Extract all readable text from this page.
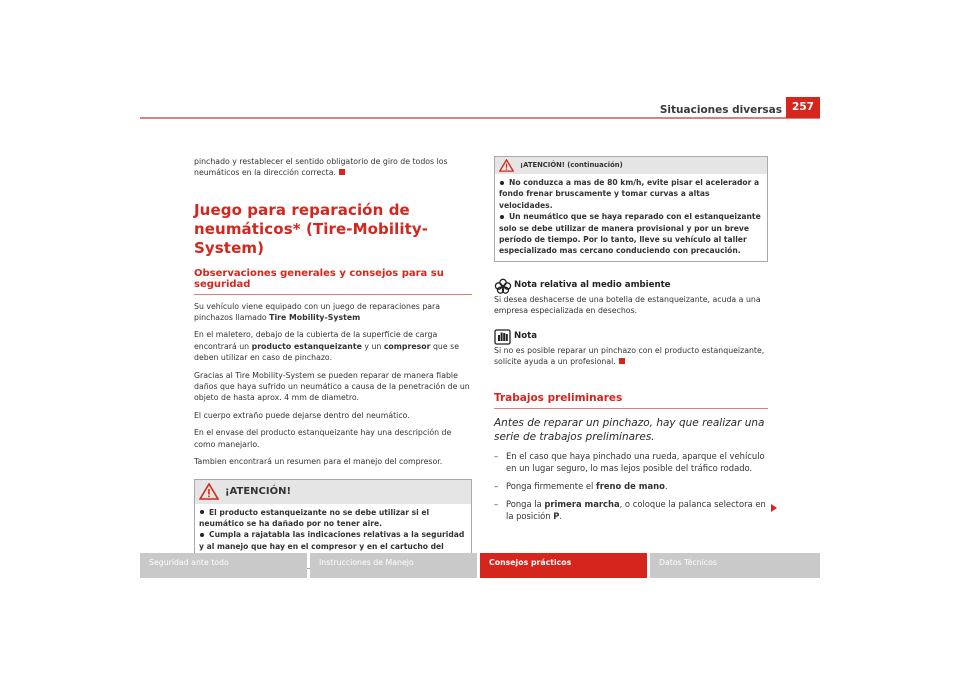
Situaciones diversas 257
pinchado y restablecer el sentido obligatorio de giro de todos los neumáticos en la dirección correcta.
Juego para reparación de neumáticos* (Tire-Mobility-System)
Observaciones generales y consejos para su seguridad
Su vehículo viene equipado con un juego de reparaciones para pinchazos llamado Tire Mobility-System
En el maletero, debajo de la cubierta de la superficie de carga encontrará un producto estanqueizante y un compresor que se deben utilizar en caso de pinchazo.
Gracias al Tire Mobility-System se pueden reparar de manera fiable daños que haya sufrido un neumático a causa de la penetración de un objeto de hasta aprox. 4 mm de diametro.
El cuerpo extraño puede dejarse dentro del neumático.
En el envase del producto estanqueizante hay una descripción de como manejarlo.
Tambien encontrará un resumen para el manejo del compresor.
¡ATENCIÓN!
El producto estanqueizante no se debe utilizar si el neumático se ha dañado por no tener aire.
Cumpla a rajatabla las indicaciones relativas a la seguridad y al manejo que hay en el compresor y en el cartucho del
¡ATENCIÓN! (continuación)
No conduzca a mas de 80 km/h, evite pisar el acelerador a fondo frenar bruscamente y tomar curvas a altas velocidades.
Un neumático que se haya reparado con el estanqueizante solo se debe utilizar de manera provisional y por un breve período de tiempo. Por lo tanto, lleve su vehículo al taller especializado mas cercano conduciendo con precaución.
Nota relativa al medio ambiente
Si desea deshacerse de una botella de estanqueizante, acuda a una empresa especializada en desechos.
Nota
Si no es posible reparar un pinchazo con el producto estanqueizante, solicite ayuda a un profesional.
Trabajos preliminares
Antes de reparar un pinchazo, hay que realizar una serie de trabajos preliminares.
– En el caso que haya pinchado una rueda, aparque el vehículo en un lugar seguro, lo mas lejos posible del tráfico rodado.
– Ponga firmemente el freno de mano.
– Ponga la primera marcha, o coloque la palanca selectora en la posición P.
Seguridad ante todo	Instrucciones de Manejo	Consejos prácticos	Datos Técnicos
